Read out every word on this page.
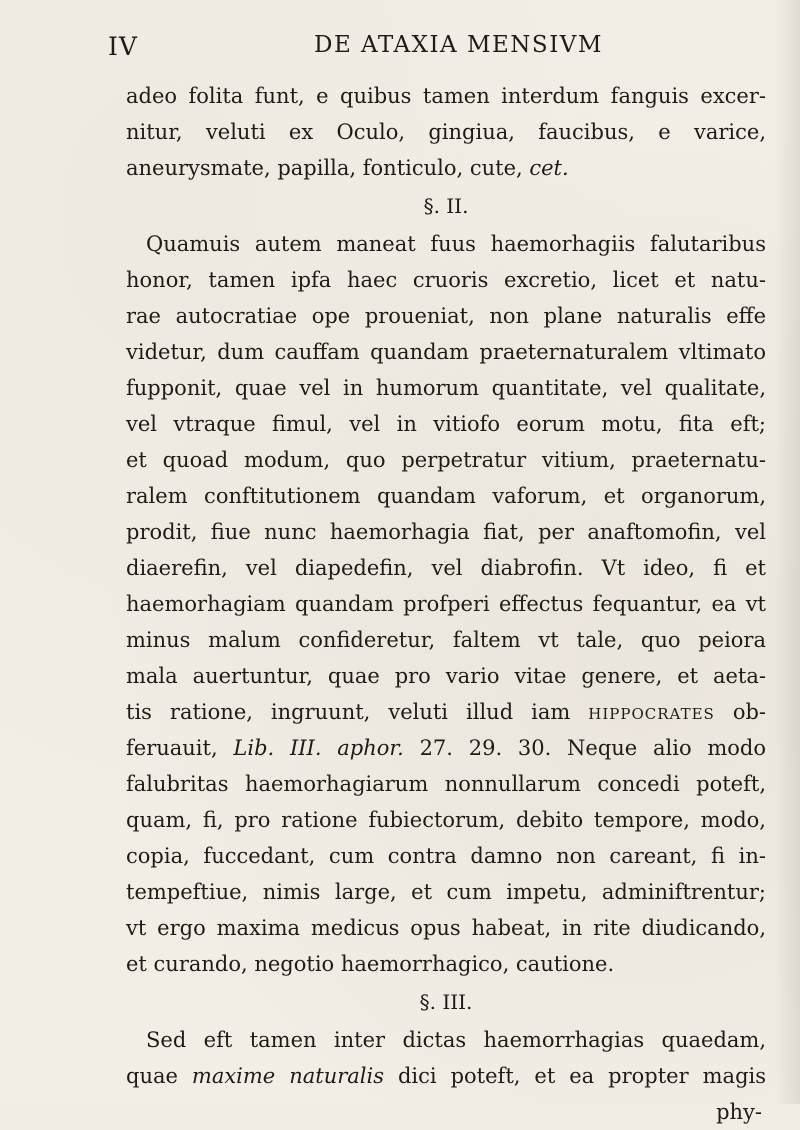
IV	DE ATAXIA MENSIVM
adeo folita funt, e quibus tamen interdum fanguis excer-
nitur, veluti ex Oculo, gingiua, faucibus, e varice,
aneurysmate, papilla, fonticulo, cute, cet.
§. II.
Quamuis autem maneat fuus haemorhagiis falutaribus
honor, tamen ipfa haec cruoris excretio, licet et natu-
rae autocratiae ope proueniat, non plane naturalis effe
videtur, dum cauffam quandam praeternaturalem vltimato
fupponit, quae vel in humorum quantitate, vel qualitate,
vel vtraque fimul, vel in vitiofo eorum motu, fita eft;
et quoad modum, quo perpetratur vitium, praeternatu-
ralem conftitutionem quandam vaforum, et organorum,
prodit, fiue nunc haemorhagia fiat, per anaftomofin, vel
diaerefin, vel diapedefin, vel diabrofin. Vt ideo, fi et
haemorhagiam quandam profperi effectus fequantur, ea vt
minus malum confideretur, faltem vt tale, quo peiora
mala auertuntur, quae pro vario vitae genere, et aeta-
tis ratione, ingruunt, veluti illud iam hippocrates ob-
feruauit, Lib. III. aphor. 27. 29. 30. Neque alio modo
falubritas haemorhagiarum nonnullarum concedi poteft,
quam, fi, pro ratione fubiectorum, debito tempore, modo,
copia, fuccedant, cum contra damno non careant, fi in-
tempeftiue, nimis large, et cum impetu, adminiftrentur;
vt ergo maxima medicus opus habeat, in rite diudicando,
et curando, negotio haemorrhagico, cautione.
§. III.
Sed eft tamen inter dictas haemorrhagias quaedam,
quae maxime naturalis dici poteft, et ea propter magis
phy-
